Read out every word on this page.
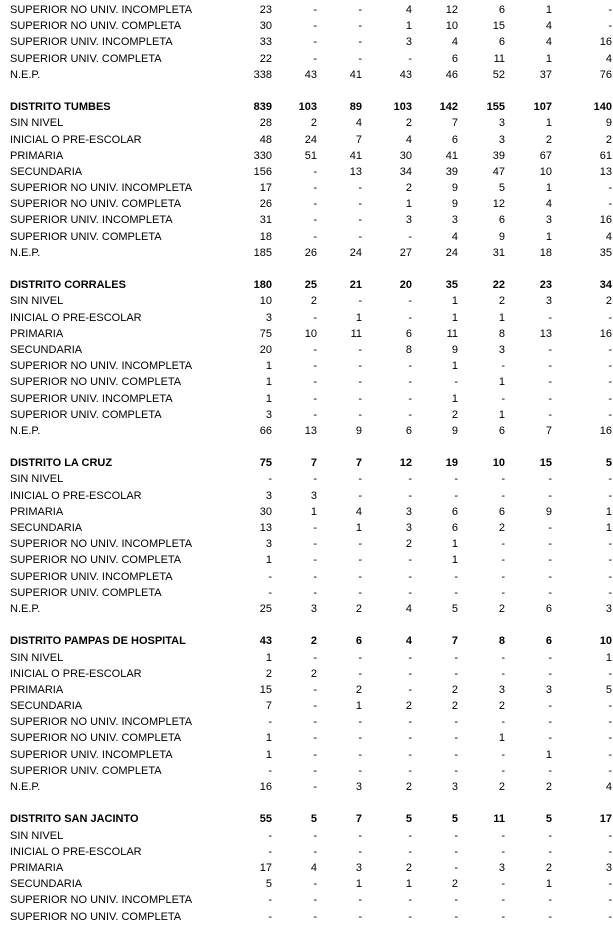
SUPERIOR NO UNIV. INCOMPLETA	23	-	-	4	12	6	1	-
SUPERIOR NO UNIV. COMPLETA	30	-	-	1	10	15	4	-
SUPERIOR UNIV. INCOMPLETA	33	-	-	3	4	6	4	16
SUPERIOR UNIV. COMPLETA	22	-	-	-	6	11	1	4
N.E.P.	338	43	41	43	46	52	37	76
DISTRITO TUMBES	839	103	89	103	142	155	107	140
SIN NIVEL	28	2	4	2	7	3	1	9
INICIAL O PRE-ESCOLAR	48	24	7	4	6	3	2	2
PRIMARIA	330	51	41	30	41	39	67	61
SECUNDARIA	156	-	13	34	39	47	10	13
SUPERIOR NO UNIV. INCOMPLETA	17	-	-	2	9	5	1	-
SUPERIOR NO UNIV. COMPLETA	26	-	-	1	9	12	4	-
SUPERIOR UNIV. INCOMPLETA	31	-	-	3	3	6	3	16
SUPERIOR UNIV. COMPLETA	18	-	-	-	4	9	1	4
N.E.P.	185	26	24	27	24	31	18	35
DISTRITO CORRALES	180	25	21	20	35	22	23	34
SIN NIVEL	10	2	-	-	1	2	3	2
INICIAL O PRE-ESCOLAR	3	-	1	-	1	1	-	-
PRIMARIA	75	10	11	6	11	8	13	16
SECUNDARIA	20	-	-	8	9	3	-	-
SUPERIOR NO UNIV. INCOMPLETA	1	-	-	-	1	-	-	-
SUPERIOR NO UNIV. COMPLETA	1	-	-	-	-	1	-	-
SUPERIOR UNIV. INCOMPLETA	1	-	-	-	1	-	-	-
SUPERIOR UNIV. COMPLETA	3	-	-	-	2	1	-	-
N.E.P.	66	13	9	6	9	6	7	16
DISTRITO LA CRUZ	75	7	7	12	19	10	15	5
SIN NIVEL	-	-	-	-	-	-	-	-
INICIAL O PRE-ESCOLAR	3	3	-	-	-	-	-	-
PRIMARIA	30	1	4	3	6	6	9	1
SECUNDARIA	13	-	1	3	6	2	-	1
SUPERIOR NO UNIV. INCOMPLETA	3	-	-	2	1	-	-	-
SUPERIOR NO UNIV. COMPLETA	1	-	-	-	1	-	-	-
SUPERIOR UNIV. INCOMPLETA	-	-	-	-	-	-	-	-
SUPERIOR UNIV. COMPLETA	-	-	-	-	-	-	-	-
N.E.P.	25	3	2	4	5	2	6	3
DISTRITO PAMPAS DE HOSPITAL	43	2	6	4	7	8	6	10
SIN NIVEL	1	-	-	-	-	-	-	1
INICIAL O PRE-ESCOLAR	2	2	-	-	-	-	-	-
PRIMARIA	15	-	2	-	2	3	3	5
SECUNDARIA	7	-	1	2	2	2	-	-
SUPERIOR NO UNIV. INCOMPLETA	-	-	-	-	-	-	-	-
SUPERIOR NO UNIV. COMPLETA	1	-	-	-	-	1	-	-
SUPERIOR UNIV. INCOMPLETA	1	-	-	-	-	-	1	-
SUPERIOR UNIV. COMPLETA	-	-	-	-	-	-	-	-
N.E.P.	16	-	3	2	3	2	2	4
DISTRITO SAN JACINTO	55	5	7	5	5	11	5	17
SIN NIVEL	-	-	-	-	-	-	-	-
INICIAL O PRE-ESCOLAR	-	-	-	-	-	-	-	-
PRIMARIA	17	4	3	2	-	3	2	3
SECUNDARIA	5	-	1	1	2	-	1	-
SUPERIOR NO UNIV. INCOMPLETA	-	-	-	-	-	-	-	-
SUPERIOR NO UNIV. COMPLETA	-	-	-	-	-	-	-	-
